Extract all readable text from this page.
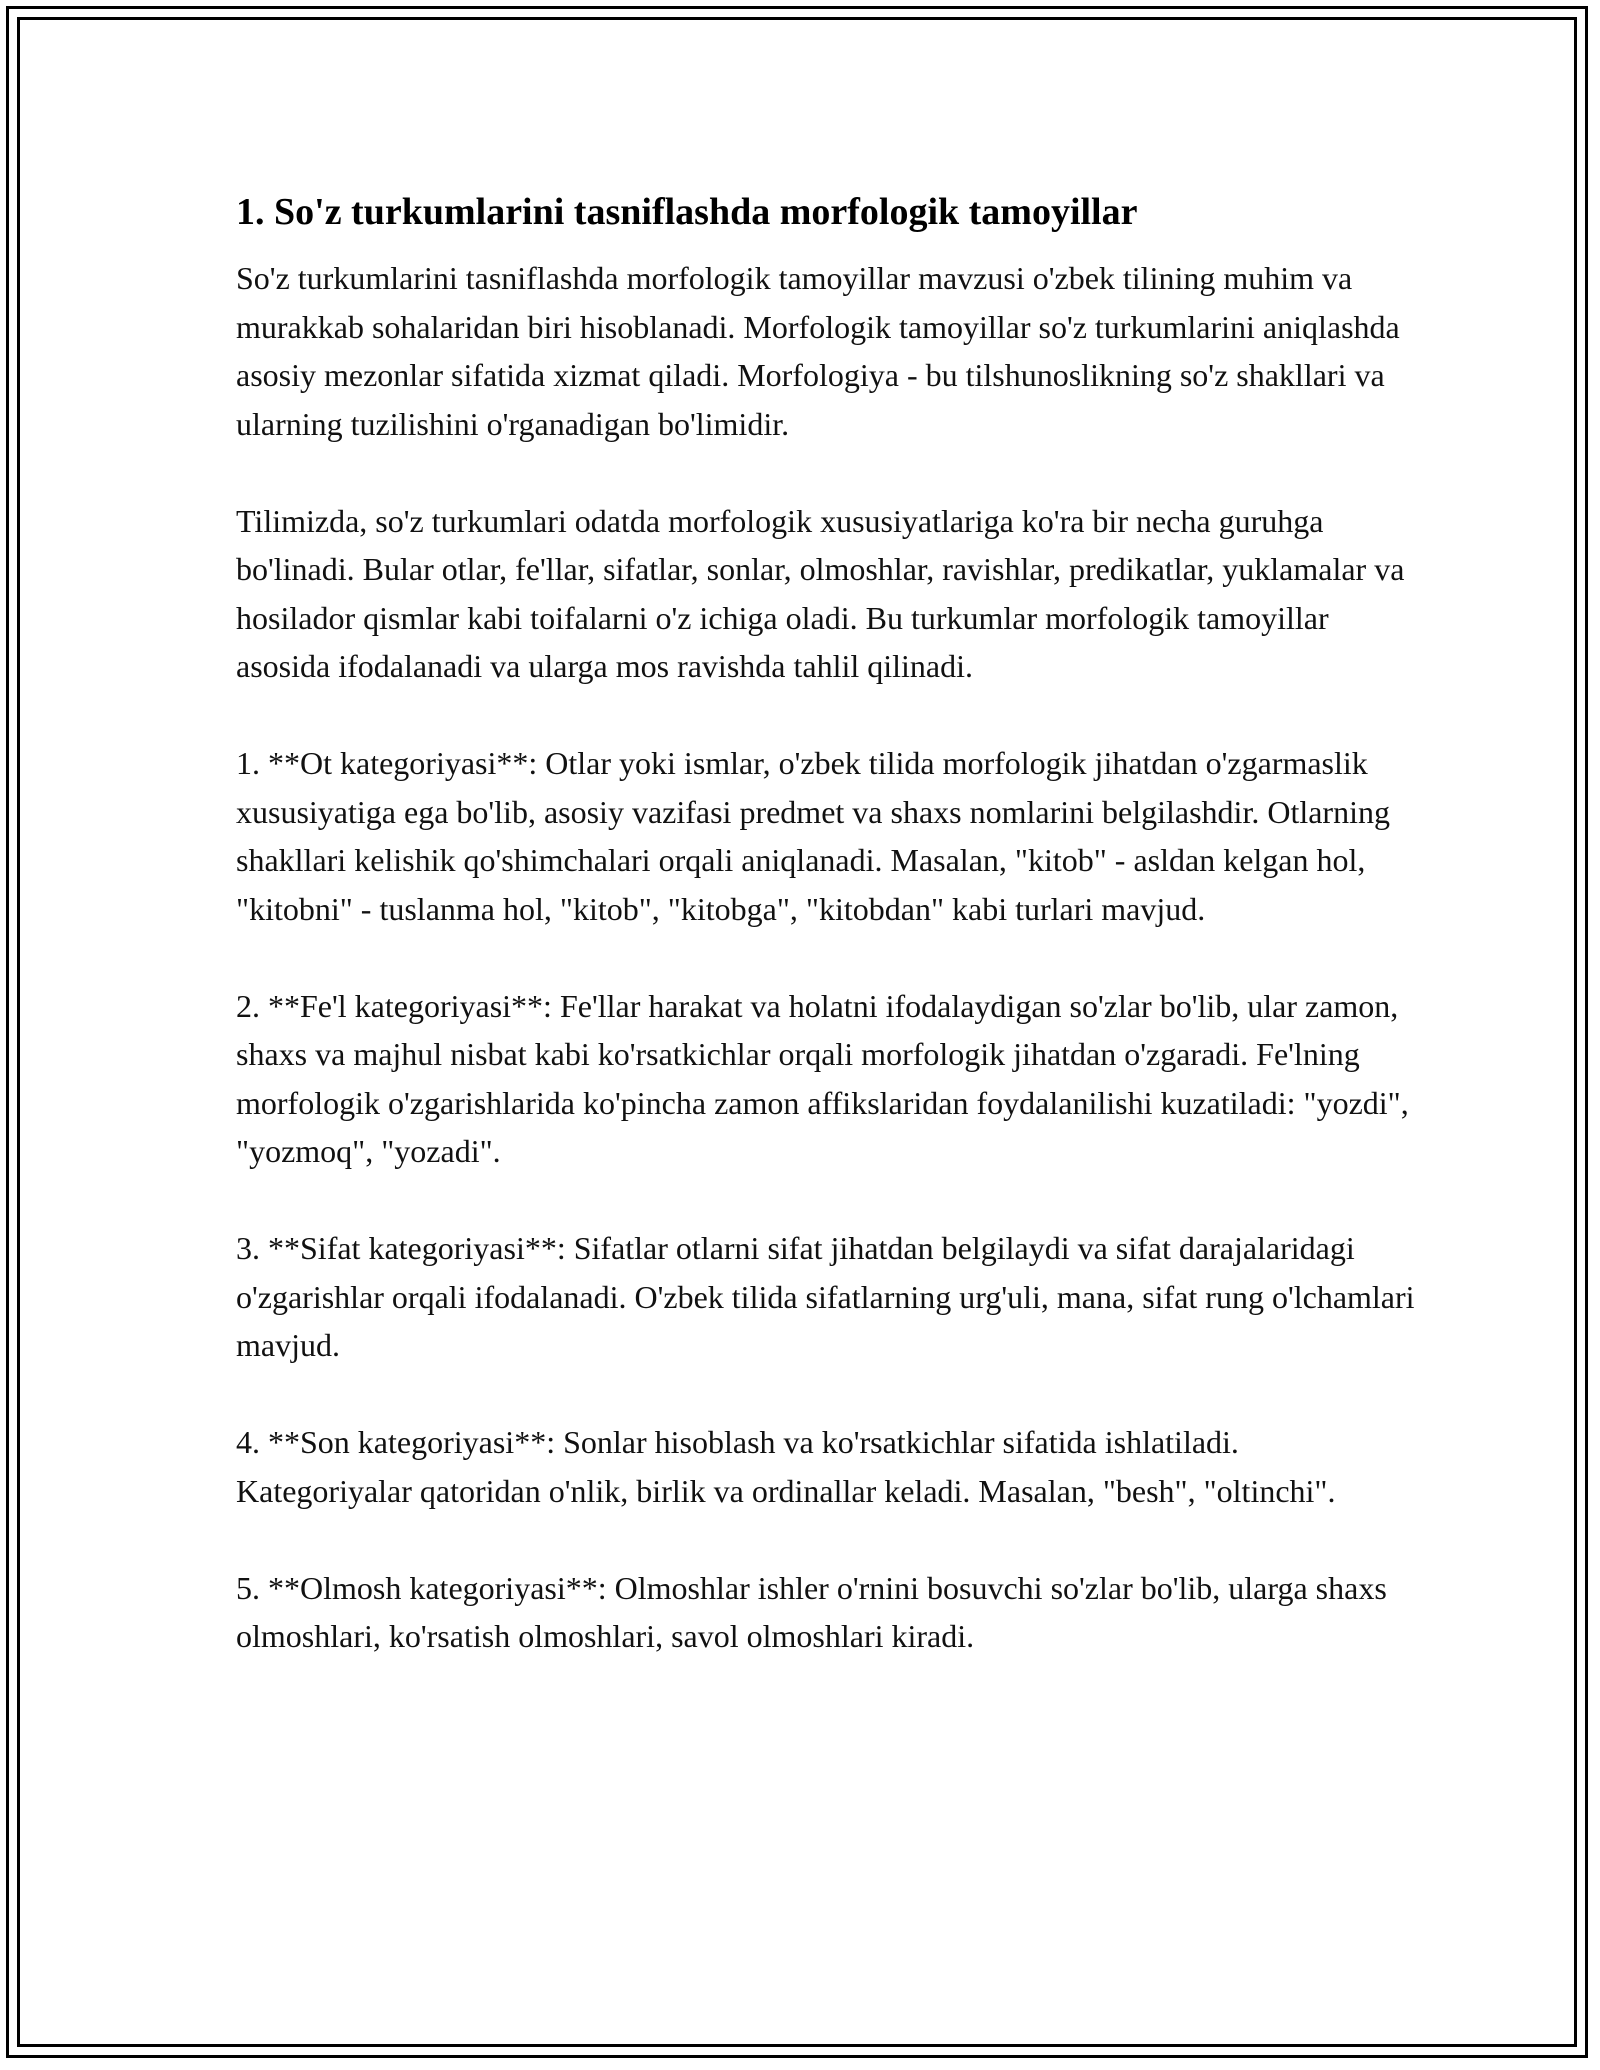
1. So'z turkumlarini tasniflashda morfologik tamoyillar

So'z turkumlarini tasniflashda morfologik tamoyillar mavzusi o'zbek tilining muhim va murakkab sohalaridan biri hisoblanadi. Morfologik tamoyillar so'z turkumlarini aniqlashda asosiy mezonlar sifatida xizmat qiladi. Morfologiya - bu tilshunoslikning so'z shakllari va ularning tuzilishini o'rganadigan bo'limidir.

Tilimizda, so'z turkumlari odatda morfologik xususiyatlariga ko'ra bir necha guruhga bo'linadi. Bular otlar, fe'llar, sifatlar, sonlar, olmoshlar, ravishlar, predikatlar, yuklamalar va hosilador qismlar kabi toifalarni o'z ichiga oladi. Bu turkumlar morfologik tamoyillar asosida ifodalanadi va ularga mos ravishda tahlil qilinadi.

1. **Ot kategoriyasi**: Otlar yoki ismlar, o'zbek tilida morfologik jihatdan o'zgarmaslik xususiyatiga ega bo'lib, asosiy vazifasi predmet va shaxs nomlarini belgilashdir. Otlarning shakllari kelishik qo'shimchalari orqali aniqlanadi. Masalan, "kitob" - asldan kelgan hol, "kitobni" - tuslanma hol, "kitob", "kitobga", "kitobdan" kabi turlari mavjud.

2. **Fe'l kategoriyasi**: Fe'llar harakat va holatni ifodalaydigan so'zlar bo'lib, ular zamon, shaxs va majhul nisbat kabi ko'rsatkichlar orqali morfologik jihatdan o'zgaradi. Fe'lning morfologik o'zgarishlarida ko'pincha zamon affikslaridan foydalanilishi kuzatiladi: "yozdi", "yozmoq", "yozadi".

3. **Sifat kategoriyasi**: Sifatlar otlarni sifat jihatdan belgilaydi va sifat darajalaridagi o'zgarishlar orqali ifodalanadi. O'zbek tilida sifatlarning urg'uli, mana, sifat rung o'lchamlari mavjud.

4. **Son kategoriyasi**: Sonlar hisoblash va ko'rsatkichlar sifatida ishlatiladi. Kategoriyalar qatoridan o'nlik, birlik va ordinallar keladi. Masalan, "besh", "oltinchi".

5. **Olmosh kategoriyasi**: Olmoshlar ishler o'rnini bosuvchi so'zlar bo'lib, ularga shaxs olmoshlari, ko'rsatish olmoshlari, savol olmoshlari kiradi.
